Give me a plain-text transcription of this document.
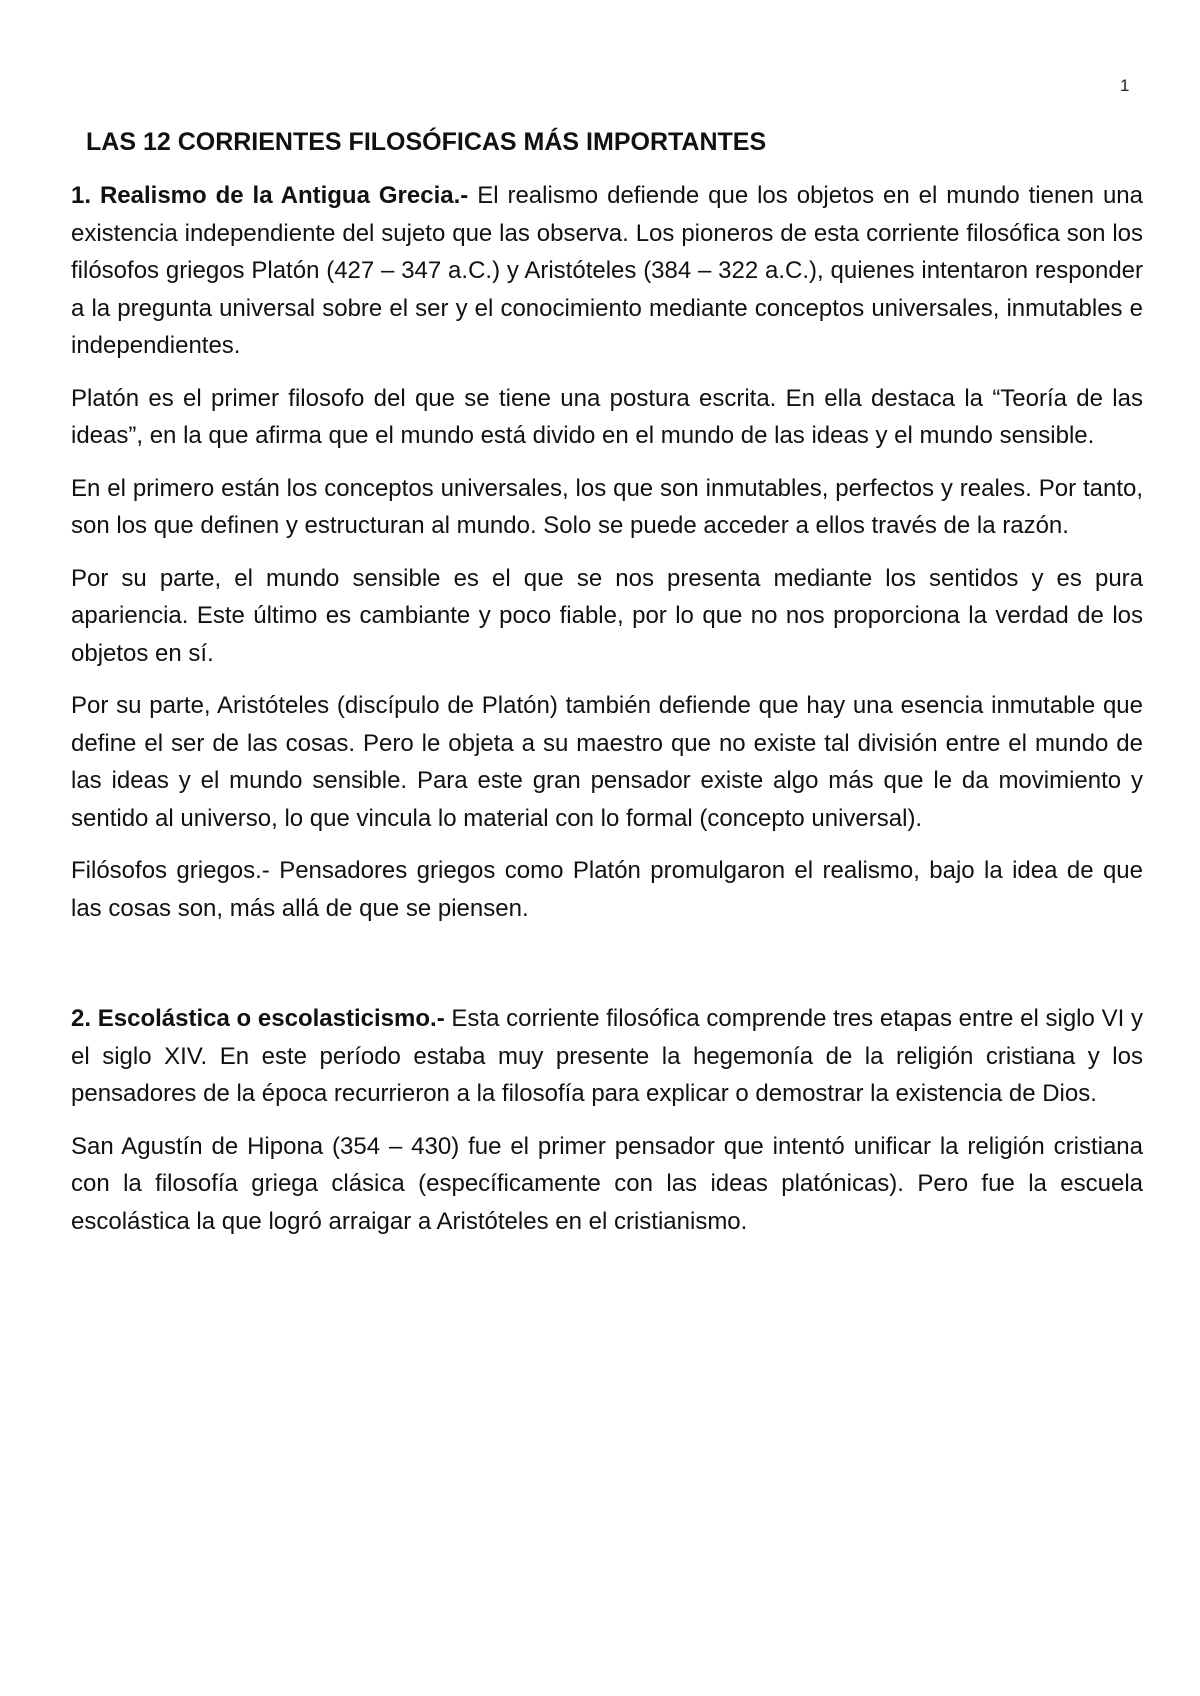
1
LAS 12 CORRIENTES FILOSÓFICAS MÁS IMPORTANTES

1. Realismo de la Antigua Grecia.- El realismo defiende que los objetos en el mundo tienen una existencia independiente del sujeto que las observa. Los pioneros de esta corriente filosófica son los filósofos griegos Platón (427 – 347 a.C.) y Aristóteles (384 – 322 a.C.), quienes intentaron responder a la pregunta universal sobre el ser y el conocimiento mediante conceptos universales, inmutables e independientes.

Platón es el primer filosofo del que se tiene una postura escrita. En ella destaca la “Teoría de las ideas”, en la que afirma que el mundo está divido en el mundo de las ideas y el mundo sensible.

En el primero están los conceptos universales, los que son inmutables, perfectos y reales. Por tanto, son los que definen y estructuran al mundo. Solo se puede acceder a ellos través de la razón.

Por su parte, el mundo sensible es el que se nos presenta mediante los sentidos y es pura apariencia. Este último es cambiante y poco fiable, por lo que no nos proporciona la verdad de los objetos en sí.

Por su parte, Aristóteles (discípulo de Platón) también defiende que hay una esencia inmutable que define el ser de las cosas. Pero le objeta a su maestro que no existe tal división entre el mundo de las ideas y el mundo sensible. Para este gran pensador existe algo más que le da movimiento y sentido al universo, lo que vincula lo material con lo formal (concepto universal).

Filósofos griegos.- Pensadores griegos como Platón promulgaron el realismo, bajo la idea de que las cosas son, más allá de que se piensen.

2. Escolástica o escolasticismo.- Esta corriente filosófica comprende tres etapas entre el siglo VI y el siglo XIV. En este período estaba muy presente la hegemonía de la religión cristiana y los pensadores de la época recurrieron a la filosofía para explicar o demostrar la existencia de Dios.

San Agustín de Hipona (354 – 430) fue el primer pensador que intentó unificar la religión cristiana con la filosofía griega clásica (específicamente con las ideas platónicas). Pero fue la escuela escolástica la que logró arraigar a Aristóteles en el cristianismo.
